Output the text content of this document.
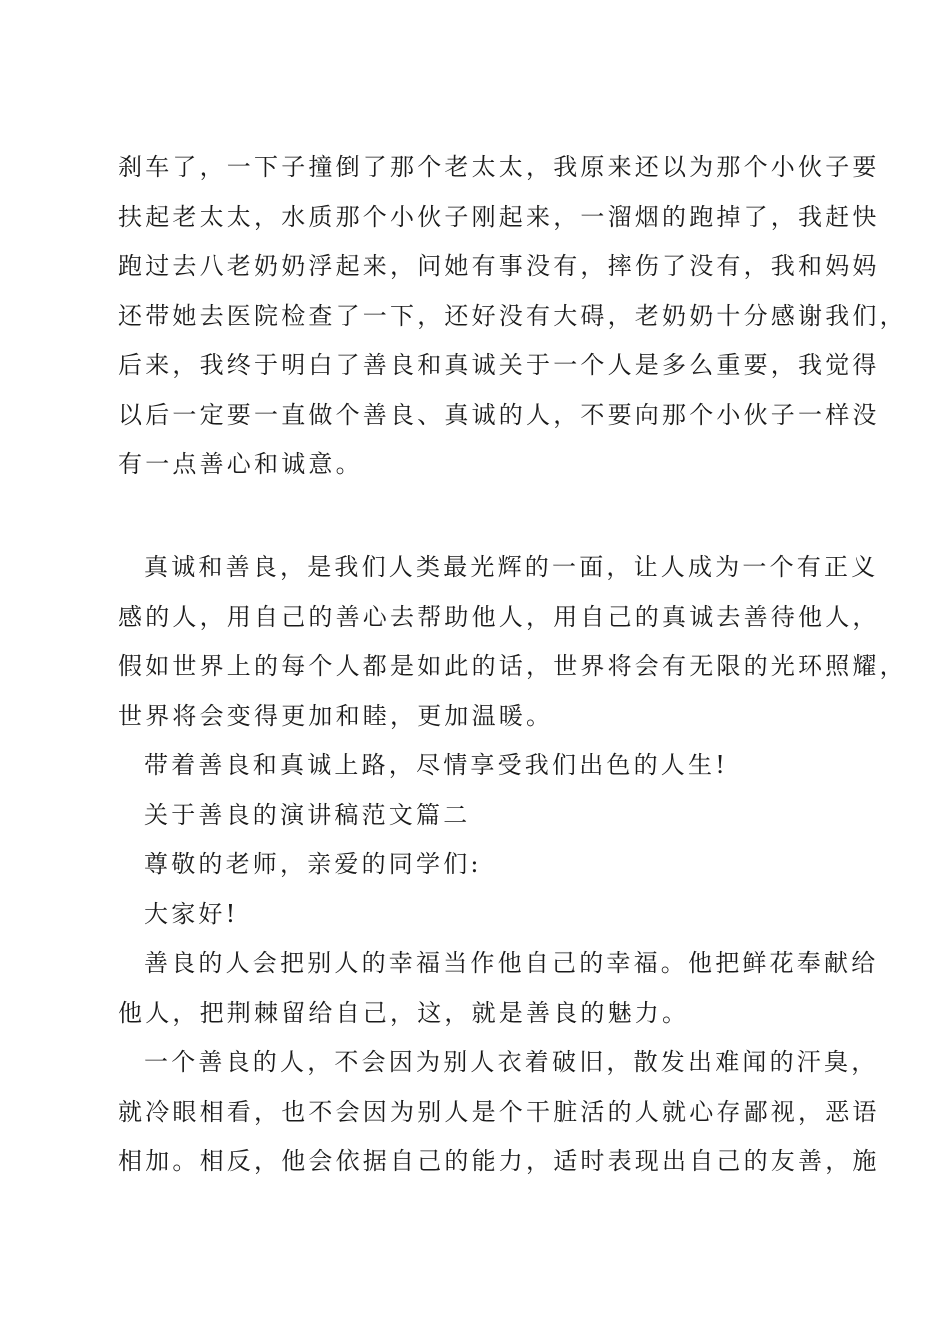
刹车了，一下子撞倒了那个老太太，我原来还以为那个小伙子要
扶起老太太，水质那个小伙子刚起来，一溜烟的跑掉了，我赶快
跑过去八老奶奶浮起来，问她有事没有，摔伤了没有，我和妈妈
还带她去医院检查了一下，还好没有大碍，老奶奶十分感谢我们，
后来，我终于明白了善良和真诚关于一个人是多么重要，我觉得
以后一定要一直做个善良、真诚的人，不要向那个小伙子一样没
有一点善心和诚意。
真诚和善良，是我们人类最光辉的一面，让人成为一个有正义
感的人，用自己的善心去帮助他人，用自己的真诚去善待他人，
假如世界上的每个人都是如此的话，世界将会有无限的光环照耀，
世界将会变得更加和睦，更加温暖。
带着善良和真诚上路，尽情享受我们出色的人生!
关于善良的演讲稿范文篇二
尊敬的老师，亲爱的同学们:
大家好!
善良的人会把别人的幸福当作他自己的幸福。他把鲜花奉献给
他人，把荆棘留给自己，这，就是善良的魅力。
一个善良的人，不会因为别人衣着破旧，散发出难闻的汗臭，
就冷眼相看，也不会因为别人是个干脏活的人就心存鄙视，恶语
相加。相反，他会依据自己的能力，适时表现出自己的友善，施
